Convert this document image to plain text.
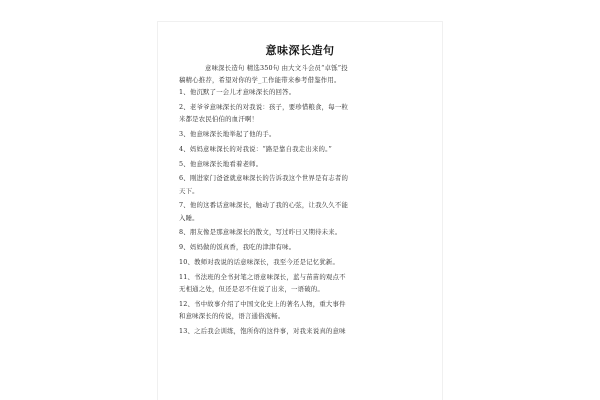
意味深长造句
意味深长造句 精选350句 由大文斗会员“卓铄”投
稿精心推荐，希望对你的学_工作能带来参考借鉴作用。
1、他沉默了一会儿才意味深长的回答。
2、老爷爷意味深长的对我说：孩子，要珍惜粮食，每一粒
米都是农民伯伯的血汗啊！
3、他意味深长地举起了他的手。
4、妈妈意味深长的对我说：“路是靠自我走出来的。”
5、他意味深长地看着老师。
6、刚进家门爸爸就意味深长的告诉我这个世界是有志者的
天下。
7、他的这番话意味深长，触动了我的心弦，让我久久不能
入睡。
8、朋友像是那意味深长的散文，写过昨日又期待未来。
9、妈妈做的饭真香，我吃的津津有味。
10、教师对我说的话意味深长，我至今还是记忆犹新。
11、书法班的全书封笔之语意味深长，蓝与苗苗的观点不
无相通之处，但还是忍不住说了出来，一语破的。
12、书中故事介绍了中国文化史上的著名人物，重大事件
和意味深长的传说，语言通俗流畅。
13、之后我会训练，饱所你的这件事，对我来说真的意味
